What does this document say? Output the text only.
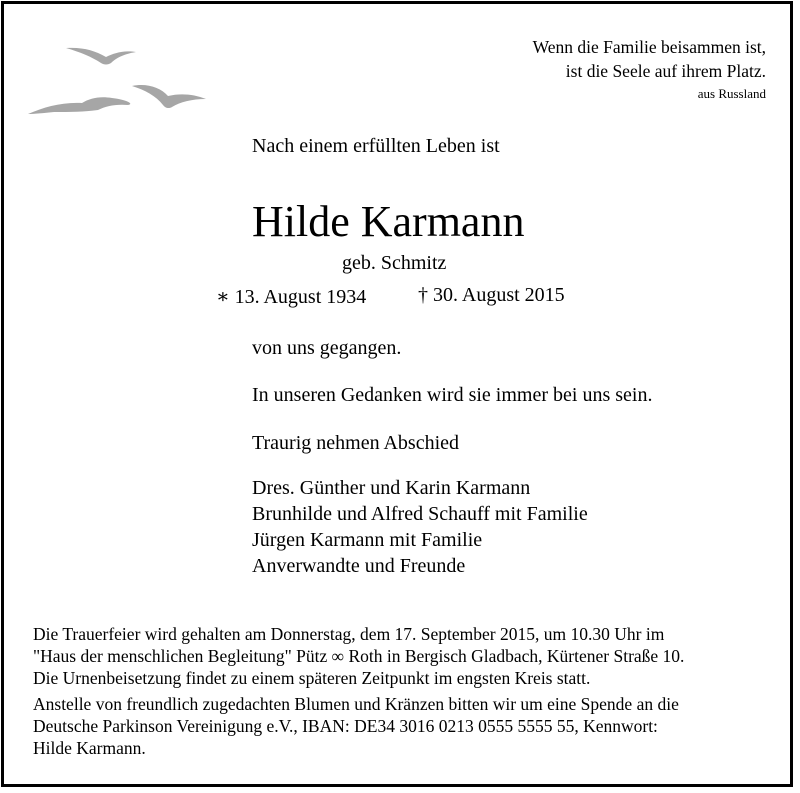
Wenn die Familie beisammen ist,
ist die Seele auf ihrem Platz.
aus Russland
Nach einem erfüllten Leben ist
Hilde Karmann
geb. Schmitz
∗ 13. August 1934	† 30. August 2015
von uns gegangen.
In unseren Gedanken wird sie immer bei uns sein.
Traurig nehmen Abschied
Dres. Günther und Karin Karmann
Brunhilde und Alfred Schauff mit Familie
Jürgen Karmann mit Familie
Anverwandte und Freunde
Die Trauerfeier wird gehalten am Donnerstag, dem 17. September 2015, um 10.30 Uhr im
"Haus der menschlichen Begleitung" Pütz ∞ Roth in Bergisch Gladbach, Kürtener Straße 10.
Die Urnenbeisetzung findet zu einem späteren Zeitpunkt im engsten Kreis statt.
Anstelle von freundlich zugedachten Blumen und Kränzen bitten wir um eine Spende an die
Deutsche Parkinson Vereinigung e.V., IBAN: DE34 3016 0213 0555 5555 55, Kennwort:
Hilde Karmann.
